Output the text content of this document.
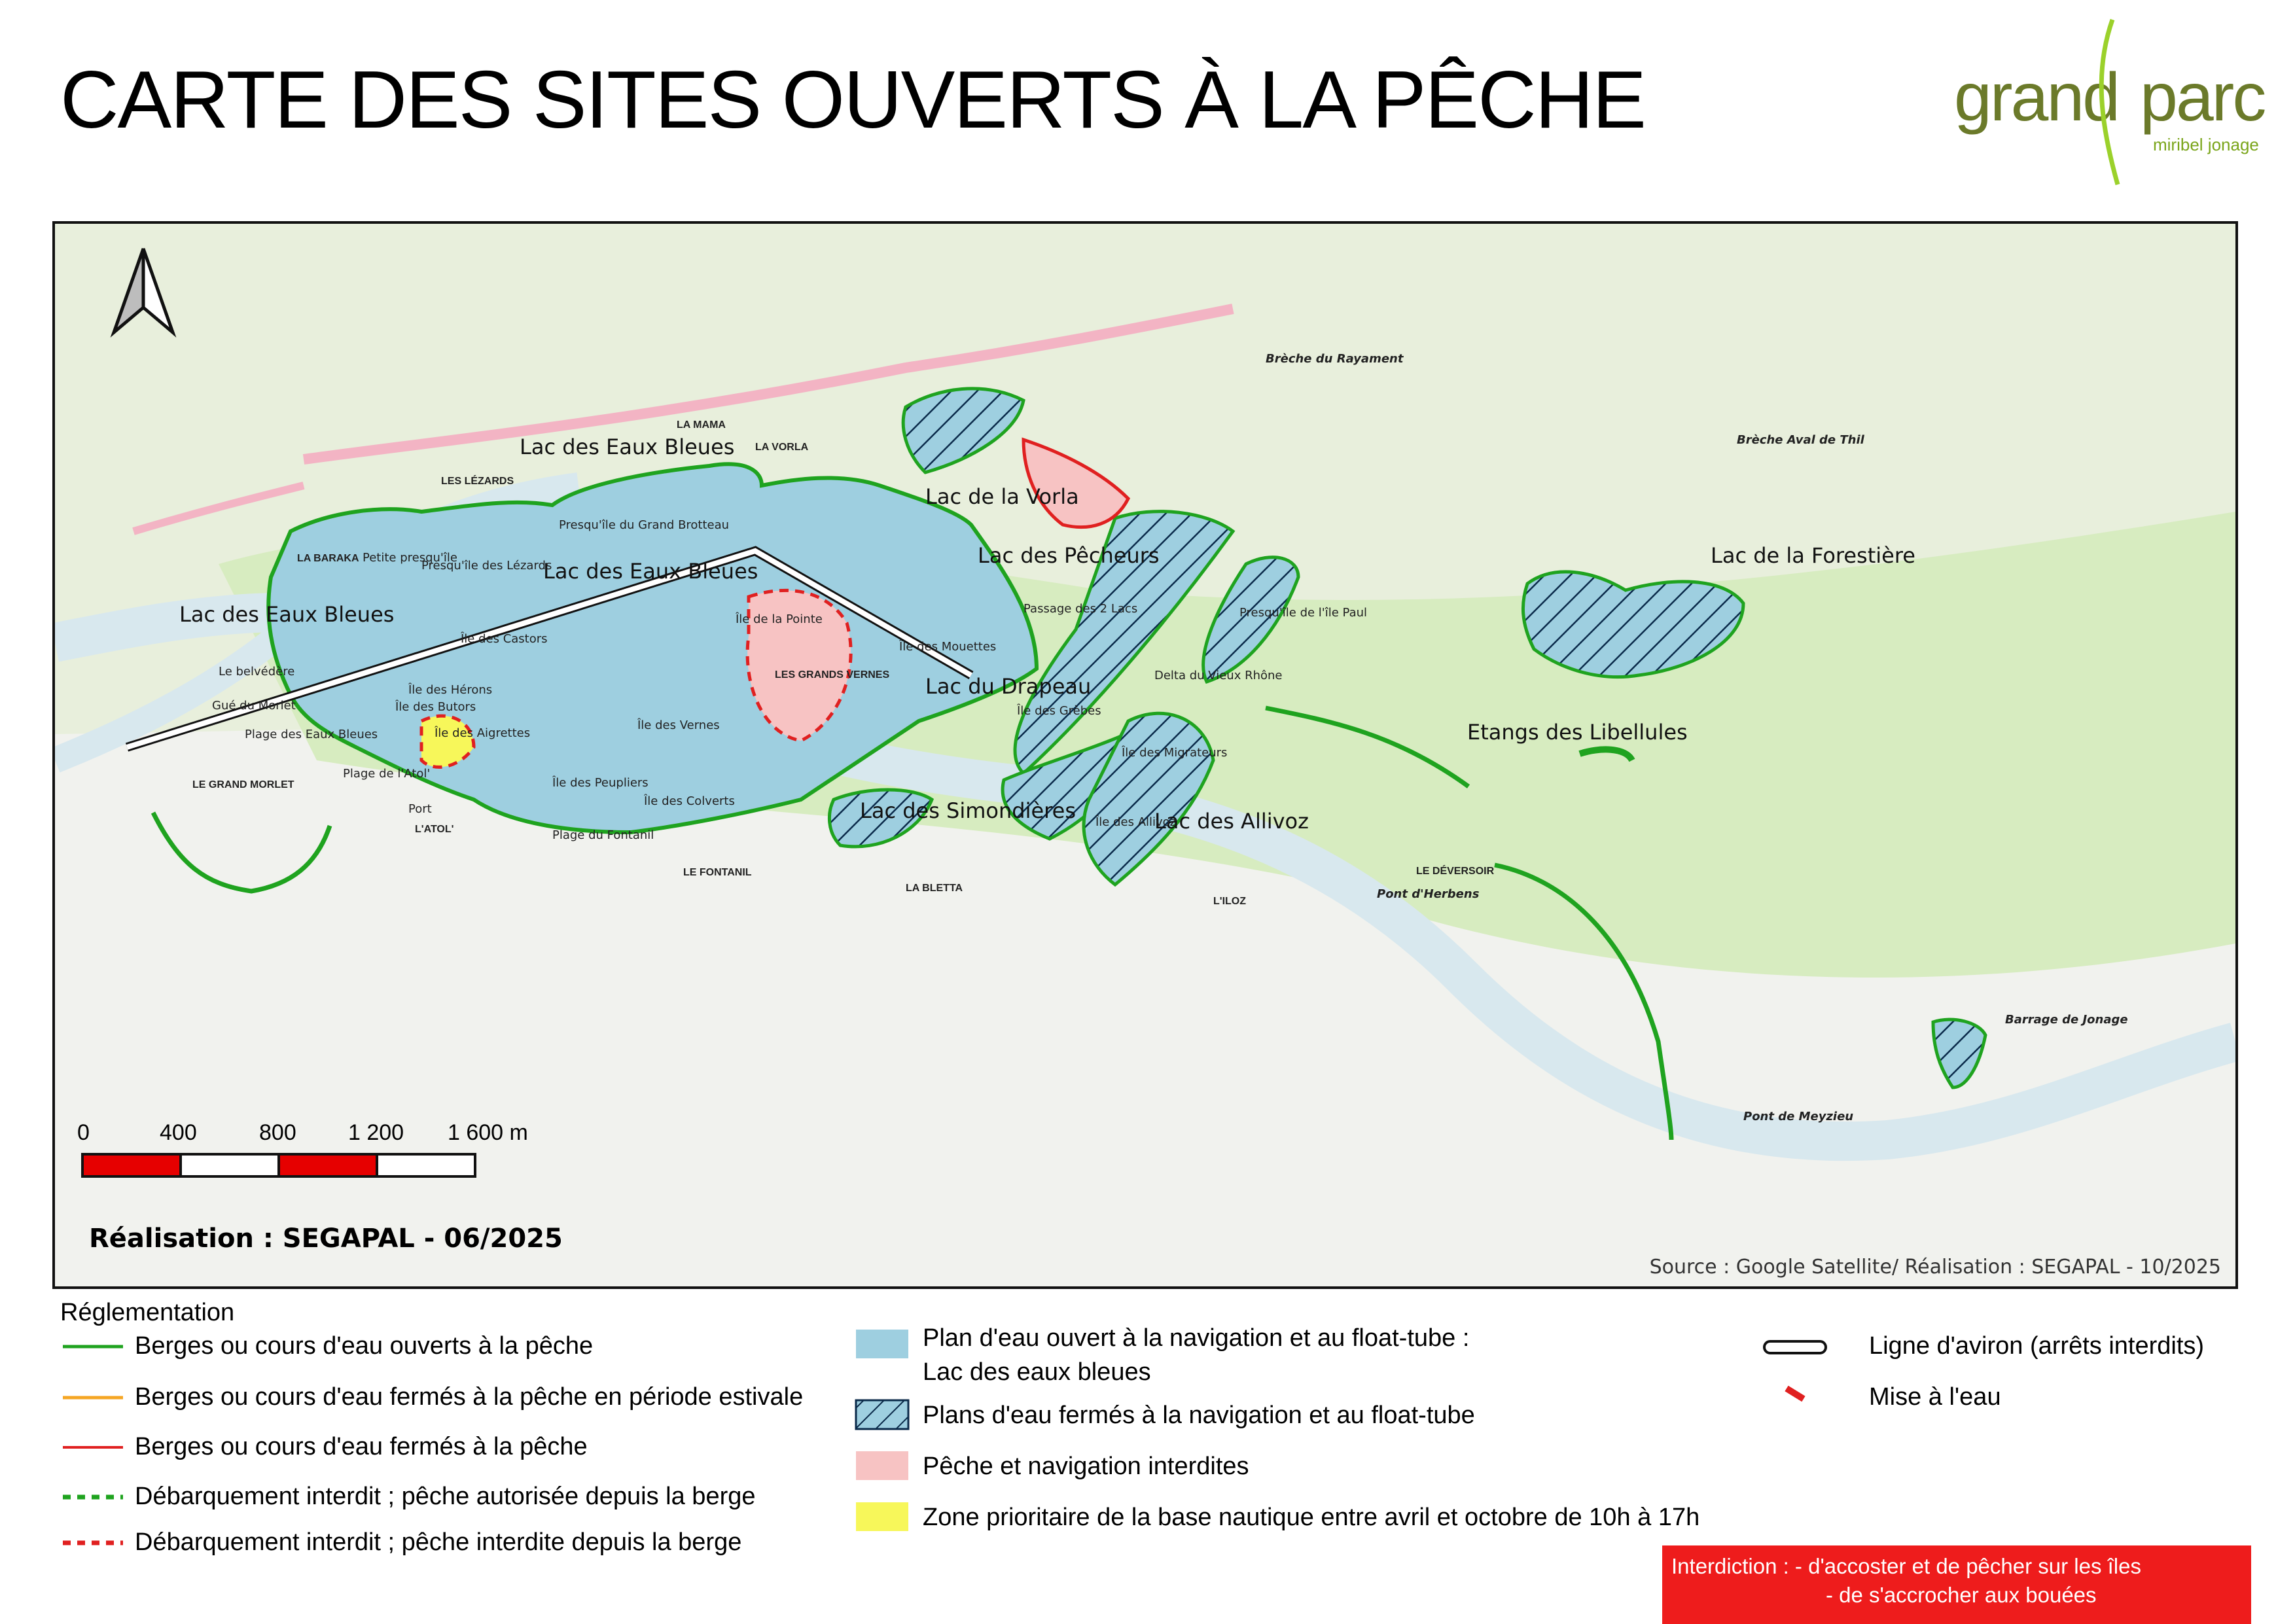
CARTE DES SITES OUVERTS À LA PÊCHE	grand parc
miribel jonage
0	400	800 1 200 1 600 m
Réalisation : SEGAPAL - 06/2025
Source : Google Satellite/ Réalisation : SEGAPAL - 10/2025
Lac des Eaux Bleues
Lac des Eaux Bleues
Lac des Eaux Bleues
Lac de la Vorla
Lac des Pêcheurs
Lac du Drapeau
Lac des Simondières	Lac des Allivoz
Etangs des Libellules
Lac de la Forestière
LA BARAKA
LES LÉZARDS
LA MAMA
LA VORLA
LE GRAND MORLET
L'ATOL'
LE FONTANIL
LA BLETTA
L'ILOZ
LE DÉVERSOIR
LES GRANDS VERNES
Petite presqu'île
Presqu'île des Lézards
Presqu'île du Grand Brotteau
Le belvédère
Gué du Morlet
Île des Castors
Île des Hérons
Île des Butors
Île des Aigrettes
Plage des Eaux Bleues
Plage de l'Atol'
Port
Île des Peupliers
Île des Colverts
Plage du Fontanil
Île des Vernes
Île de la Pointe
Île des Mouettes
Passage des 2 Lacs
Île des Grèbes
Île des Migrateurs
Île des Allivoz
Presqu'île de l'île Paul
Delta du Vieux Rhône
Brèche du Rayament
Brèche Aval de Thil
Pont d'Herbens
Barrage de Jonage
Pont de Meyzieu
Réglementation
Berges ou cours d'eau ouverts à la pêche
Berges ou cours d'eau fermés à la pêche en période estivale
Berges ou cours d'eau fermés à la pêche
Débarquement interdit ; pêche autorisée depuis la berge
Débarquement interdit ; pêche interdite depuis la berge
Plan d'eau ouvert à la navigation et au float-tube :
Lac des eaux bleues
Plans d'eau fermés à la navigation et au float-tube
Pêche et navigation interdites
Zone prioritaire de la base nautique entre avril et octobre de 10h à 17h
Ligne d'aviron (arrêts interdits)
Mise à l'eau
Interdiction : - d'accoster et de pêcher sur les îles
- de s'accrocher aux bouées
